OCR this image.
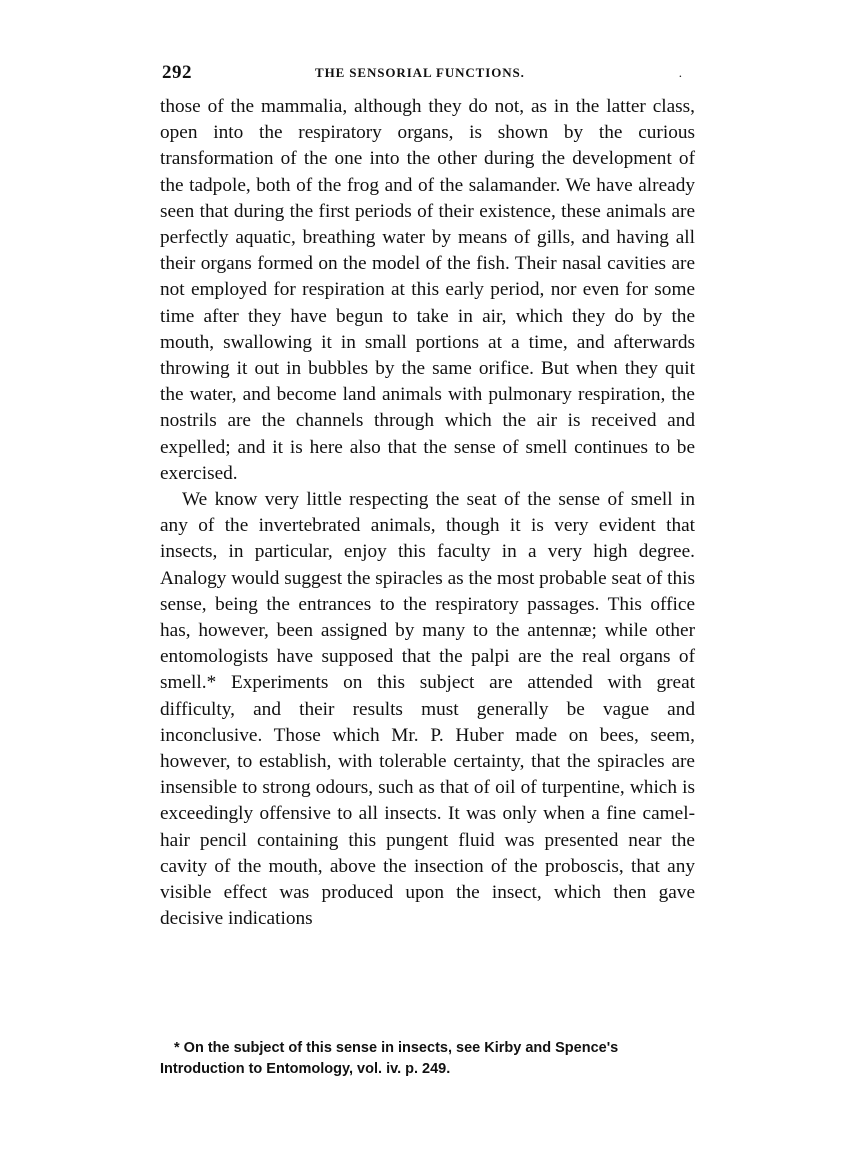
292	THE SENSORIAL FUNCTIONS.	.

those of the mammalia, although they do not, as in the latter class, open into the respiratory organs, is shown by the curious transformation of the one into the other during the development of the tadpole, both of the frog and of the salamander. We have already seen that during the first periods of their existence, these animals are perfectly aquatic, breathing water by means of gills, and having all their organs formed on the model of the fish. Their nasal cavities are not employed for respiration at this early period, nor even for some time after they have begun to take in air, which they do by the mouth, swallowing it in small portions at a time, and afterwards throwing it out in bubbles by the same orifice. But when they quit the water, and become land animals with pulmonary respiration, the nostrils are the channels through which the air is received and expelled; and it is here also that the sense of smell continues to be exercised.

We know very little respecting the seat of the sense of smell in any of the invertebrated animals, though it is very evident that insects, in particular, enjoy this faculty in a very high degree. Analogy would suggest the spiracles as the most probable seat of this sense, being the entrances to the respiratory passages. This office has, however, been assigned by many to the antennæ; while other entomologists have supposed that the palpi are the real organs of smell.* Experiments on this subject are attended with great difficulty, and their results must generally be vague and inconclusive. Those which Mr. P. Huber made on bees, seem, however, to establish, with tolerable certainty, that the spiracles are insensible to strong odours, such as that of oil of turpentine, which is exceedingly offensive to all insects. It was only when a fine camel-hair pencil containing this pungent fluid was presented near the cavity of the mouth, above the insection of the proboscis, that any visible effect was produced upon the insect, which then gave decisive indications

* On the subject of this sense in insects, see Kirby and Spence's Introduction to Entomology, vol. iv. p. 249.
